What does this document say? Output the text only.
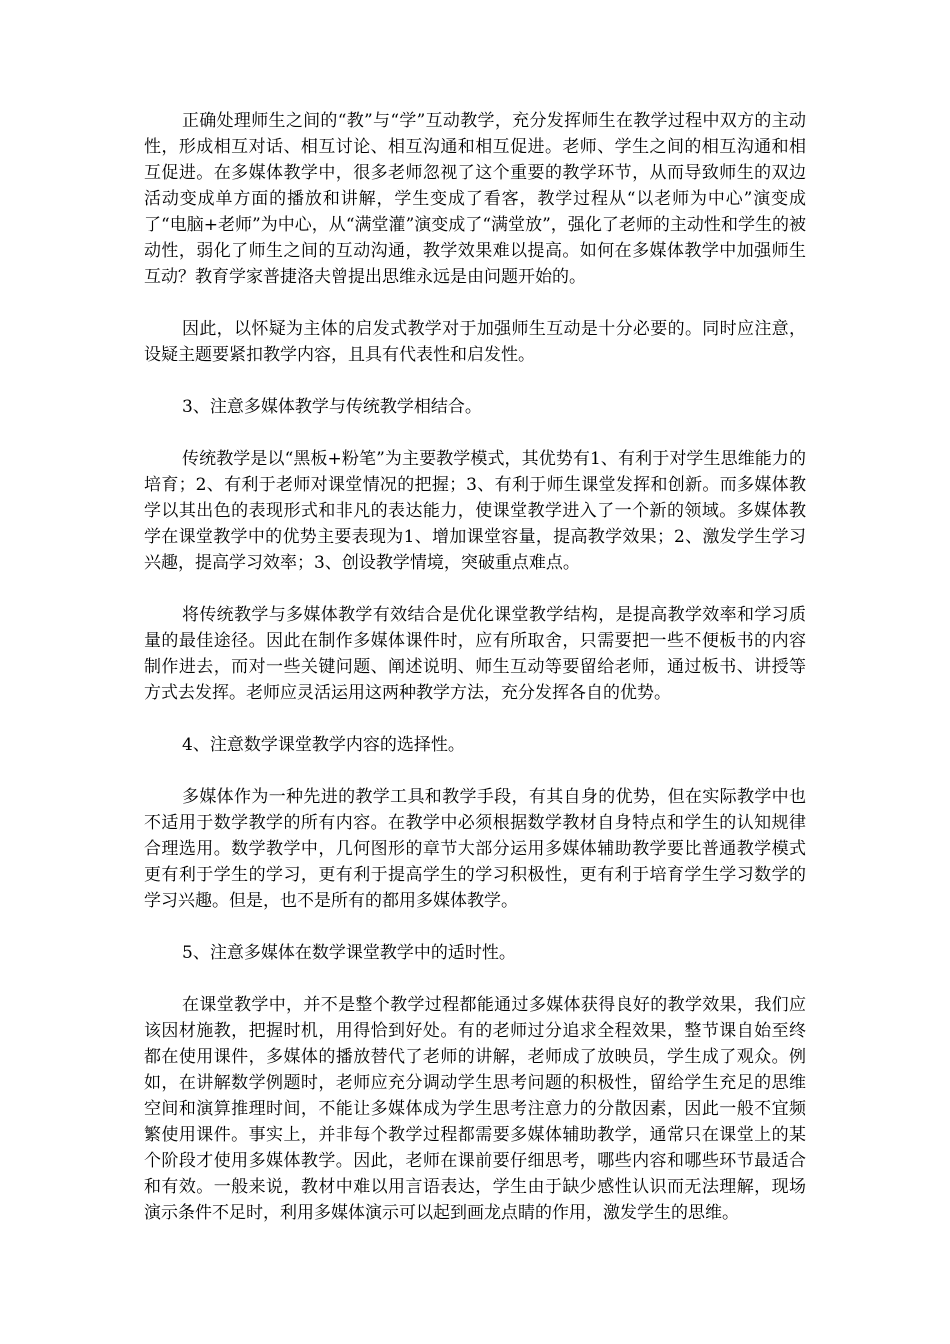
正确处理师生之间的“教”与“学”互动教学，充分发挥师生在教学过程中双方的主动性，形成相互对话、相互讨论、相互沟通和相互促进。老师、学生之间的相互沟通和相互促进。在多媒体教学中，很多老师忽视了这个重要的教学环节，从而导致师生的双边活动变成单方面的播放和讲解，学生变成了看客，教学过程从“以老师为中心”演变成了“电脑+老师”为中心，从“满堂灌”演变成了“满堂放”，强化了老师的主动性和学生的被动性，弱化了师生之间的互动沟通，教学效果难以提高。如何在多媒体教学中加强师生互动？教育学家普捷洛夫曾提出思维永远是由问题开始的。

因此，以怀疑为主体的启发式教学对于加强师生互动是十分必要的。同时应注意，设疑主题要紧扣教学内容，且具有代表性和启发性。

3、注意多媒体教学与传统教学相结合。

传统教学是以“黑板+粉笔”为主要教学模式，其优势有1、有利于对学生思维能力的培育；2、有利于老师对课堂情况的把握；3、有利于师生课堂发挥和创新。而多媒体教学以其出色的表现形式和非凡的表达能力，使课堂教学进入了一个新的领域。多媒体教学在课堂教学中的优势主要表现为1、增加课堂容量，提高教学效果；2、激发学生学习兴趣，提高学习效率；3、创设教学情境，突破重点难点。

将传统教学与多媒体教学有效结合是优化课堂教学结构，是提高教学效率和学习质量的最佳途径。因此在制作多媒体课件时，应有所取舍，只需要把一些不便板书的内容制作进去，而对一些关键问题、阐述说明、师生互动等要留给老师，通过板书、讲授等方式去发挥。老师应灵活运用这两种教学方法，充分发挥各自的优势。

4、注意数学课堂教学内容的选择性。

多媒体作为一种先进的教学工具和教学手段，有其自身的优势，但在实际教学中也不适用于数学教学的所有内容。在教学中必须根据数学教材自身特点和学生的认知规律合理选用。数学教学中，几何图形的章节大部分运用多媒体辅助教学要比普通教学模式更有利于学生的学习，更有利于提高学生的学习积极性，更有利于培育学生学习数学的学习兴趣。但是，也不是所有的都用多媒体教学。

5、注意多媒体在数学课堂教学中的适时性。

在课堂教学中，并不是整个教学过程都能通过多媒体获得良好的教学效果，我们应该因材施教，把握时机，用得恰到好处。有的老师过分追求全程效果，整节课自始至终都在使用课件，多媒体的播放替代了老师的讲解，老师成了放映员，学生成了观众。例如，在讲解数学例题时，老师应充分调动学生思考问题的积极性，留给学生充足的思维空间和演算推理时间，不能让多媒体成为学生思考注意力的分散因素，因此一般不宜频繁使用课件。事实上，并非每个教学过程都需要多媒体辅助教学，通常只在课堂上的某个阶段才使用多媒体教学。因此，老师在课前要仔细思考，哪些内容和哪些环节最适合和有效。一般来说，教材中难以用言语表达，学生由于缺少感性认识而无法理解，现场演示条件不足时，利用多媒体演示可以起到画龙点睛的作用，激发学生的思维。
